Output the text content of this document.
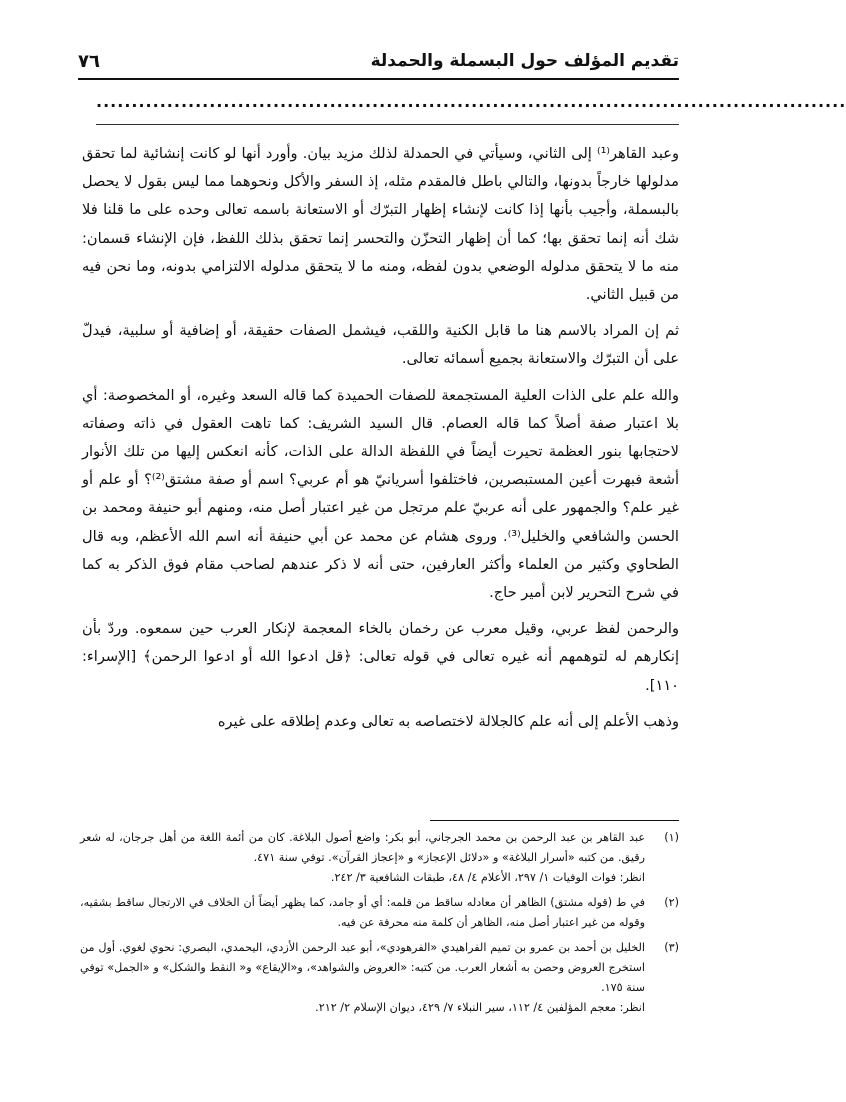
تقديم المؤلف حول البسملة والحمدلة
٧٦
..........................................................................................................

وعبد القاهر⁽¹⁾ إلى الثاني، وسيأتي في الحمدلة لذلك مزيد بيان. وأورد أنها لو كانت إنشائية لما تحقق مدلولها خارجاً بدونها، والتالي باطل فالمقدم مثله، إذ السفر والأكل ونحوهما مما ليس بقول لا يحصل بالبسملة، وأجيب بأنها إذا كانت لإنشاء إظهار التبرّك أو الاستعانة باسمه تعالى وحده على ما قلنا فلا شك أنه إنما تحقق بها؛ كما أن إظهار التحزّن والتحسر إنما تحقق بذلك اللفظ، فإن الإنشاء قسمان: منه ما لا يتحقق مدلوله الوضعي بدون لفظه، ومنه ما لا يتحقق مدلوله الالتزامي بدونه، وما نحن فيه من قبيل الثاني.

ثم إن المراد بالاسم هنا ما قابل الكنية واللقب، فيشمل الصفات حقيقة، أو إضافية أو سلبية، فيدلّ على أن التبرّك والاستعانة بجميع أسمائه تعالى.

والله علم على الذات العلية المستجمعة للصفات الحميدة كما قاله السعد وغيره، أو المخصوصة: أي بلا اعتبار صفة أصلاً كما قاله العصام. قال السيد الشريف: كما تاهت العقول في ذاته وصفاته لاحتجابها بنور العظمة تحيرت أيضاً في اللفظة الدالة على الذات، كأنه انعكس إليها من تلك الأنوار أشعة فبهرت أعين المستبصرين، فاختلفوا أسريانيّ هو أم عربي؟ اسم أو صفة مشتق⁽²⁾؟ أو علم أو غير علم؟ والجمهور على أنه عربيّ علم مرتجل من غير اعتبار أصل منه، ومنهم أبو حنيفة ومحمد بن الحسن والشافعي والخليل⁽³⁾. وروى هشام عن محمد عن أبي حنيفة أنه اسم الله الأعظم، وبه قال الطحاوي وكثير من العلماء وأكثر العارفين، حتى أنه لا ذكر عندهم لصاحب مقام فوق الذكر به كما في شرح التحرير لابن أمير حاج.

والرحمن لفظ عربي، وقيل معرب عن رخمان بالخاء المعجمة لإنكار العرب حين سمعوه. وردّ بأن إنكارهم له لتوهمهم أنه غيره تعالى في قوله تعالى: ﴿قل ادعوا الله أو ادعوا الرحمن﴾ [الإسراء: ١١٠].

وذهب الأعلم إلى أنه علم كالجلالة لاختصاصه به تعالى وعدم إطلاقه على غيره

(١)
عبد القاهر بن عبد الرحمن بن محمد الجرجاني، أبو بكر: واضع أصول البلاغة. كان من أئمة اللغة من أهل جرجان، له شعر رقيق. من كتبه «أسرار البلاغة» و «دلائل الإعجاز» و «إعجاز القرآن». توفي سنة ٤٧١.
انظر: فوات الوفيات ١/ ٢٩٧، الأعلام ٤/ ٤٨، طبقات الشافعية ٣/ ٢٤٢.
(٢)
في ط (قوله مشتق) الظاهر أن معادله ساقط من قلمه: أي أو جامد، كما يظهر أيضاً أن الخلاف في الارتجال ساقط بشقيه، وقوله من غير اعتبار أصل منه، الظاهر أن كلمة منه محرفة عن فيه.
(٣)
الخليل بن أحمد بن عمرو بن تميم الفراهيدي «الفرهودي»، أبو عبد الرحمن الأزدي، اليحمدي، البصري: نحوي لغوي. أول من استخرج العروض وحصن به أشعار العرب. من كتبه: «العروض والشواهد»، و«الإيقاع» و« النقط والشكل» و «الجمل» توفي سنة ١٧٥.
انظر: معجم المؤلفين ٤/ ١١٢، سير النبلاء ٧/ ٤٢٩، ديوان الإسلام ٢/ ٢١٢.
